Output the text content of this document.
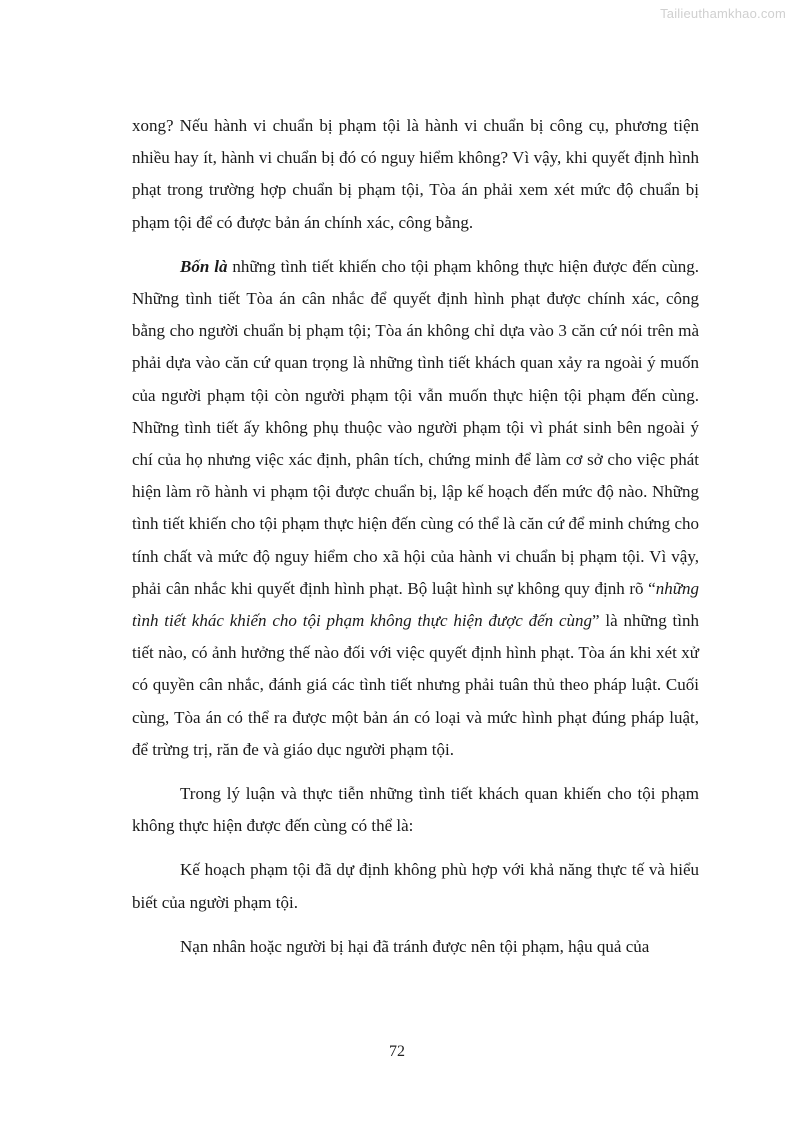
Tailieuthamkhao.com

xong? Nếu hành vi chuẩn bị phạm tội là hành vi chuẩn bị công cụ, phương tiện nhiều hay ít, hành vi chuẩn bị đó có nguy hiểm không? Vì vậy, khi quyết định hình phạt trong trường hợp chuẩn bị phạm tội, Tòa án phải xem xét mức độ chuẩn bị phạm tội để có được bản án chính xác, công bằng.

Bốn là những tình tiết khiến cho tội phạm không thực hiện được đến cùng. Những tình tiết Tòa án cân nhắc để quyết định hình phạt được chính xác, công bằng cho người chuẩn bị phạm tội; Tòa án không chỉ dựa vào 3 căn cứ nói trên mà phải dựa vào căn cứ quan trọng là những tình tiết khách quan xảy ra ngoài ý muốn của người phạm tội còn người phạm tội vẫn muốn thực hiện tội phạm đến cùng. Những tình tiết ấy không phụ thuộc vào người phạm tội vì phát sinh bên ngoài ý chí của họ nhưng việc xác định, phân tích, chứng minh để làm cơ sở cho việc phát hiện làm rõ hành vi phạm tội được chuẩn bị, lập kế hoạch đến mức độ nào. Những tình tiết khiến cho tội phạm thực hiện đến cùng có thể là căn cứ để minh chứng cho tính chất và mức độ nguy hiểm cho xã hội của hành vi chuẩn bị phạm tội. Vì vậy, phải cân nhắc khi quyết định hình phạt. Bộ luật hình sự không quy định rõ “những tình tiết khác khiến cho tội phạm không thực hiện được đến cùng” là những tình tiết nào, có ảnh hưởng thế nào đối với việc quyết định hình phạt. Tòa án khi xét xử có quyền cân nhắc, đánh giá các tình tiết nhưng phải tuân thủ theo pháp luật. Cuối cùng, Tòa án có thể ra được một bản án có loại và mức hình phạt đúng pháp luật, để trừng trị, răn đe và giáo dục người phạm tội.

Trong lý luận và thực tiễn những tình tiết khách quan khiến cho tội phạm không thực hiện được đến cùng có thể là:

Kế hoạch phạm tội đã dự định không phù hợp với khả năng thực tế và hiểu biết của người phạm tội.

Nạn nhân hoặc người bị hại đã tránh được nên tội phạm, hậu quả của

72
